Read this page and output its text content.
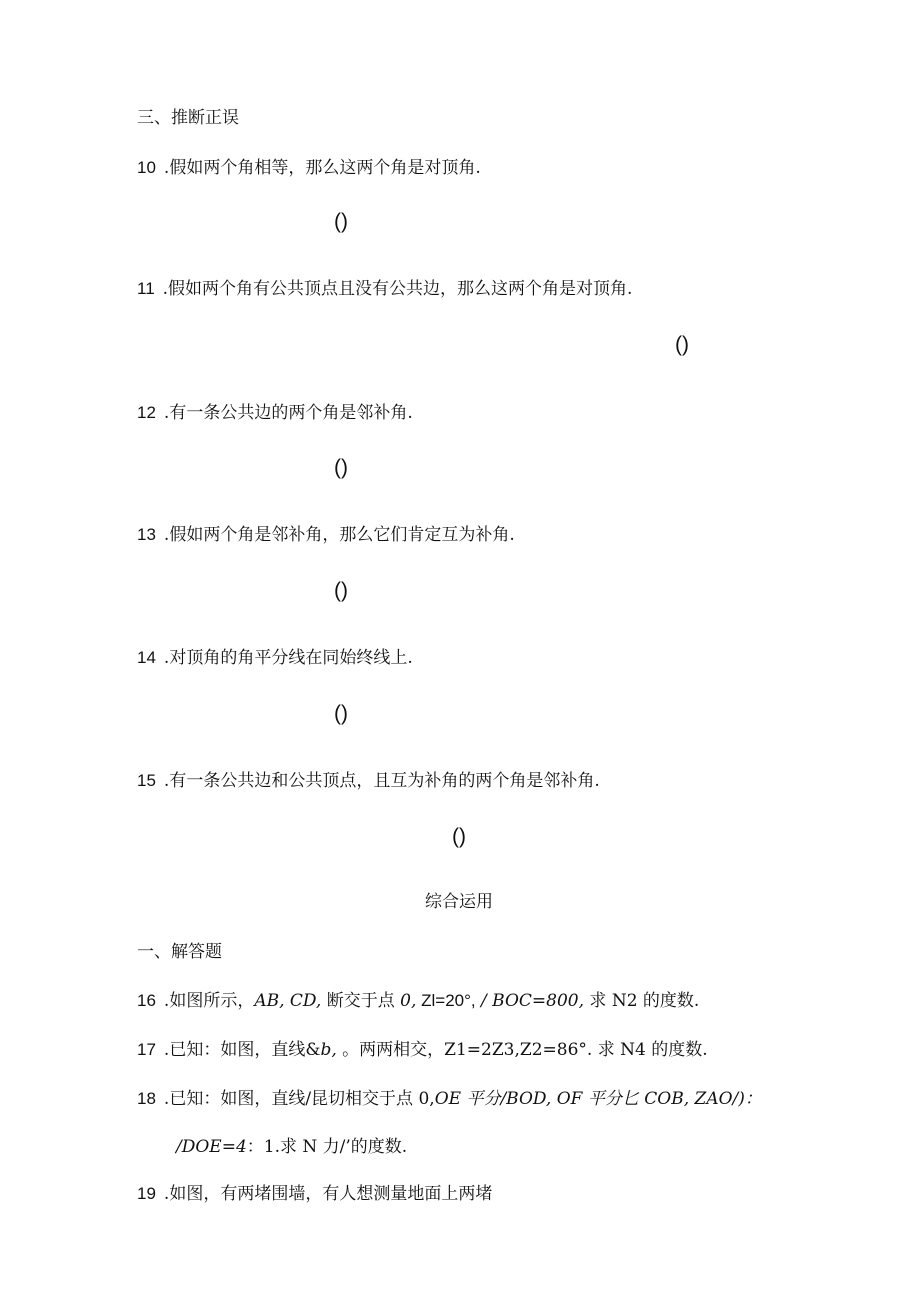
三、推断正误
10 .假如两个角相等，那么这两个角是对顶角.
()
11 .假如两个角有公共顶点且没有公共边，那么这两个角是对顶角.
()
12 .有一条公共边的两个角是邻补角.
()
13 .假如两个角是邻补角，那么它们肯定互为补角.
()
14 .对顶角的角平分线在同始终线上.
()
15 .有一条公共边和公共顶点，且互为补角的两个角是邻补角.
()
综合运用
一、解答题
16 .如图所示，AB, CD, 断交于点 0, Zl=20°, / BOC=800, 求 N2 的度数.
17 .已知：如图，直线&b, 。两两相交，Z1=2Z3,Z2=86°. 求 N4 的度数.
18 .已知：如图，直线/昆切相交于点 0,OE 平分/BOD, OF 平分匕 COB, ZAO/)：
/DOE=4：1.求 N 力/’的度数.
19 .如图，有两堵围墙，有人想测量地面上两堵
